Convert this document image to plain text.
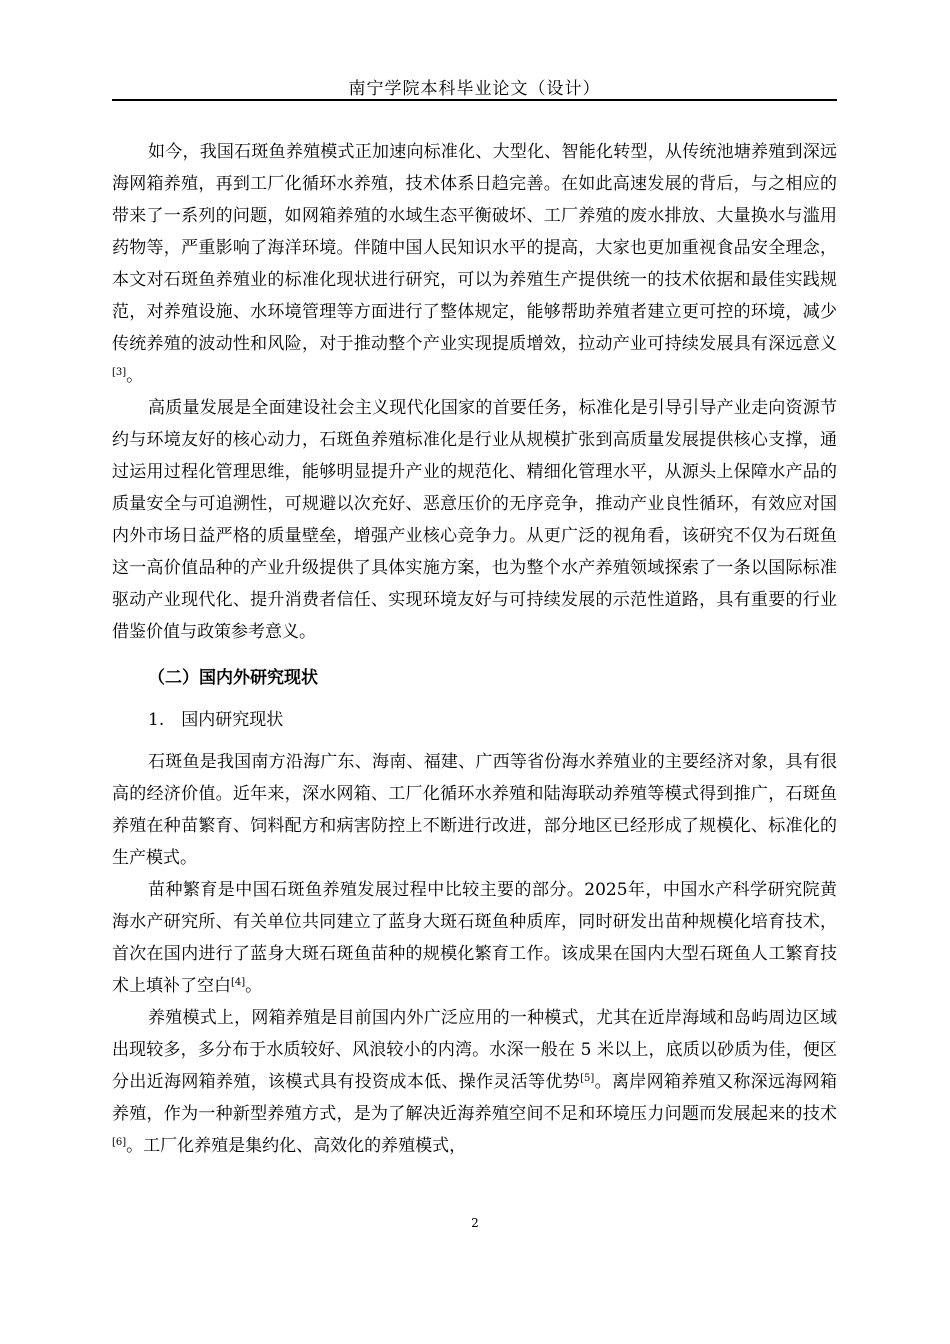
南宁学院本科毕业论文（设计）

如今，我国石斑鱼养殖模式正加速向标准化、大型化、智能化转型，从传统池塘养殖到深远海网箱养殖，再到工厂化循环水养殖，技术体系日趋完善。在如此高速发展的背后，与之相应的带来了一系列的问题，如网箱养殖的水域生态平衡破坏、工厂养殖的废水排放、大量换水与滥用药物等，严重影响了海洋环境。伴随中国人民知识水平的提高，大家也更加重视食品安全理念，本文对石斑鱼养殖业的标准化现状进行研究，可以为养殖生产提供统一的技术依据和最佳实践规范，对养殖设施、水环境管理等方面进行了整体规定，能够帮助养殖者建立更可控的环境，减少传统养殖的波动性和风险，对于推动整个产业实现提质增效，拉动产业可持续发展具有深远意义[3]。

高质量发展是全面建设社会主义现代化国家的首要任务，标准化是引导引导产业走向资源节约与环境友好的核心动力，石斑鱼养殖标准化是行业从规模扩张到高质量发展提供核心支撑，通过运用过程化管理思维，能够明显提升产业的规范化、精细化管理水平，从源头上保障水产品的质量安全与可追溯性，可规避以次充好、恶意压价的无序竞争，推动产业良性循环，有效应对国内外市场日益严格的质量壁垒，增强产业核心竞争力。从更广泛的视角看，该研究不仅为石斑鱼这一高价值品种的产业升级提供了具体实施方案，也为整个水产养殖领域探索了一条以国际标准驱动产业现代化、提升消费者信任、实现环境友好与可持续发展的示范性道路，具有重要的行业借鉴价值与政策参考意义。

（二）国内外研究现状
1.　国内研究现状

石斑鱼是我国南方沿海广东、海南、福建、广西等省份海水养殖业的主要经济对象，具有很高的经济价值。近年来，深水网箱、工厂化循环水养殖和陆海联动养殖等模式得到推广，石斑鱼养殖在种苗繁育、饲料配方和病害防控上不断进行改进，部分地区已经形成了规模化、标准化的生产模式。

苗种繁育是中国石斑鱼养殖发展过程中比较主要的部分。2025年，中国水产科学研究院黄海水产研究所、有关单位共同建立了蓝身大斑石斑鱼种质库，同时研发出苗种规模化培育技术，首次在国内进行了蓝身大斑石斑鱼苗种的规模化繁育工作。该成果在国内大型石斑鱼人工繁育技术上填补了空白[4]。

养殖模式上，网箱养殖是目前国内外广泛应用的一种模式，尤其在近岸海域和岛屿周边区域出现较多，多分布于水质较好、风浪较小的内湾。水深一般在 5 米以上，底质以砂质为佳，便区分出近海网箱养殖，该模式具有投资成本低、操作灵活等优势[5]。离岸网箱养殖又称深远海网箱养殖，作为一种新型养殖方式，是为了解决近海养殖空间不足和环境压力问题而发展起来的技术[6]。工厂化养殖是集约化、高效化的养殖模式，

2
